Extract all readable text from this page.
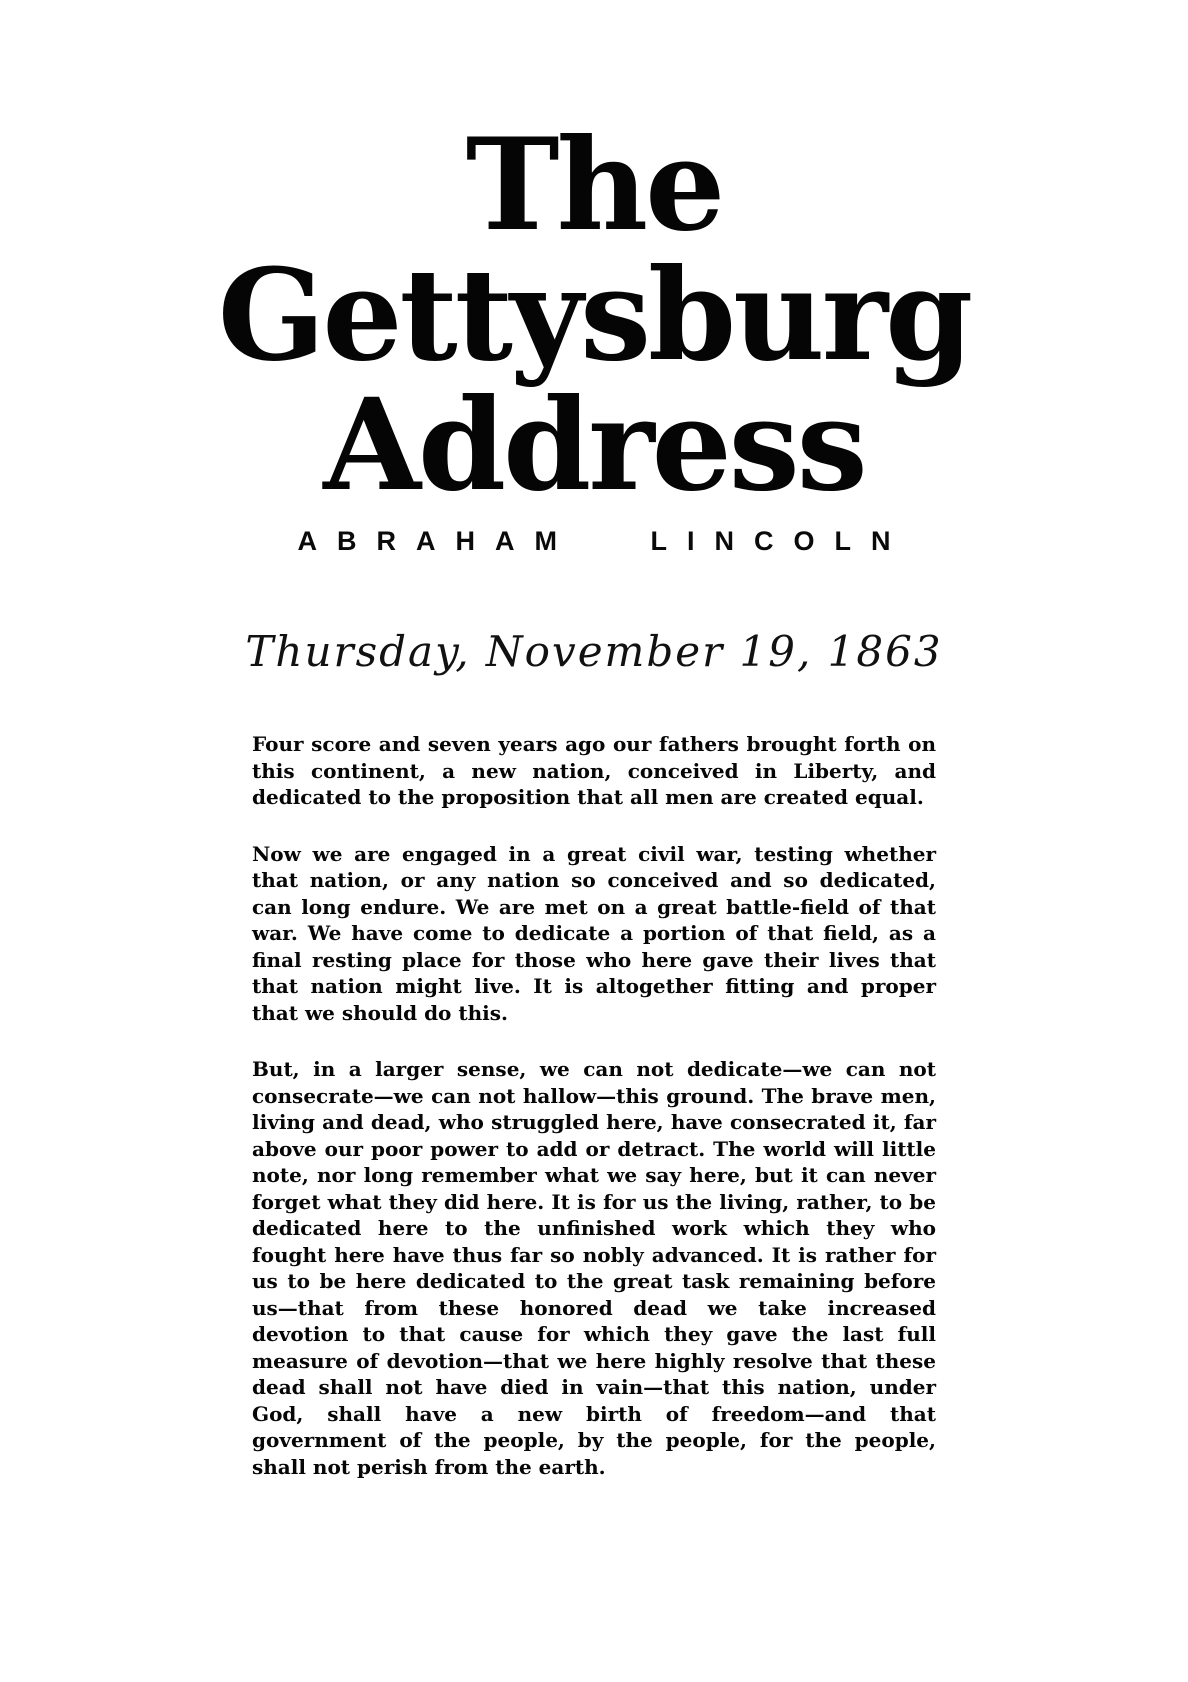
The
Gettysburg
Address
ABRAHAM LINCOLN
Thursday, November 19, 1863

Four score and seven years ago our fathers brought forth on this continent, a new nation, conceived in Liberty, and dedicated to the proposition that all men are created equal.

Now we are engaged in a great civil war, testing whether that nation, or any nation so conceived and so dedicated, can long endure. We are met on a great battle-field of that war. We have come to dedicate a portion of that field, as a final resting place for those who here gave their lives that that nation might live. It is altogether fitting and proper that we should do this.

But, in a larger sense, we can not dedicate—we can not consecrate—we can not hallow—this ground. The brave men, living and dead, who struggled here, have consecrated it, far above our poor power to add or detract. The world will little note, nor long remember what we say here, but it can never forget what they did here. It is for us the living, rather, to be dedicated here to the unfinished work which they who fought here have thus far so nobly advanced. It is rather for us to be here dedicated to the great task remaining before us—that from these honored dead we take increased devotion to that cause for which they gave the last full measure of devotion—that we here highly resolve that these dead shall not have died in vain—that this nation, under God, shall have a new birth of freedom—and that government of the people, by the people, for the people, shall not perish from the earth.
